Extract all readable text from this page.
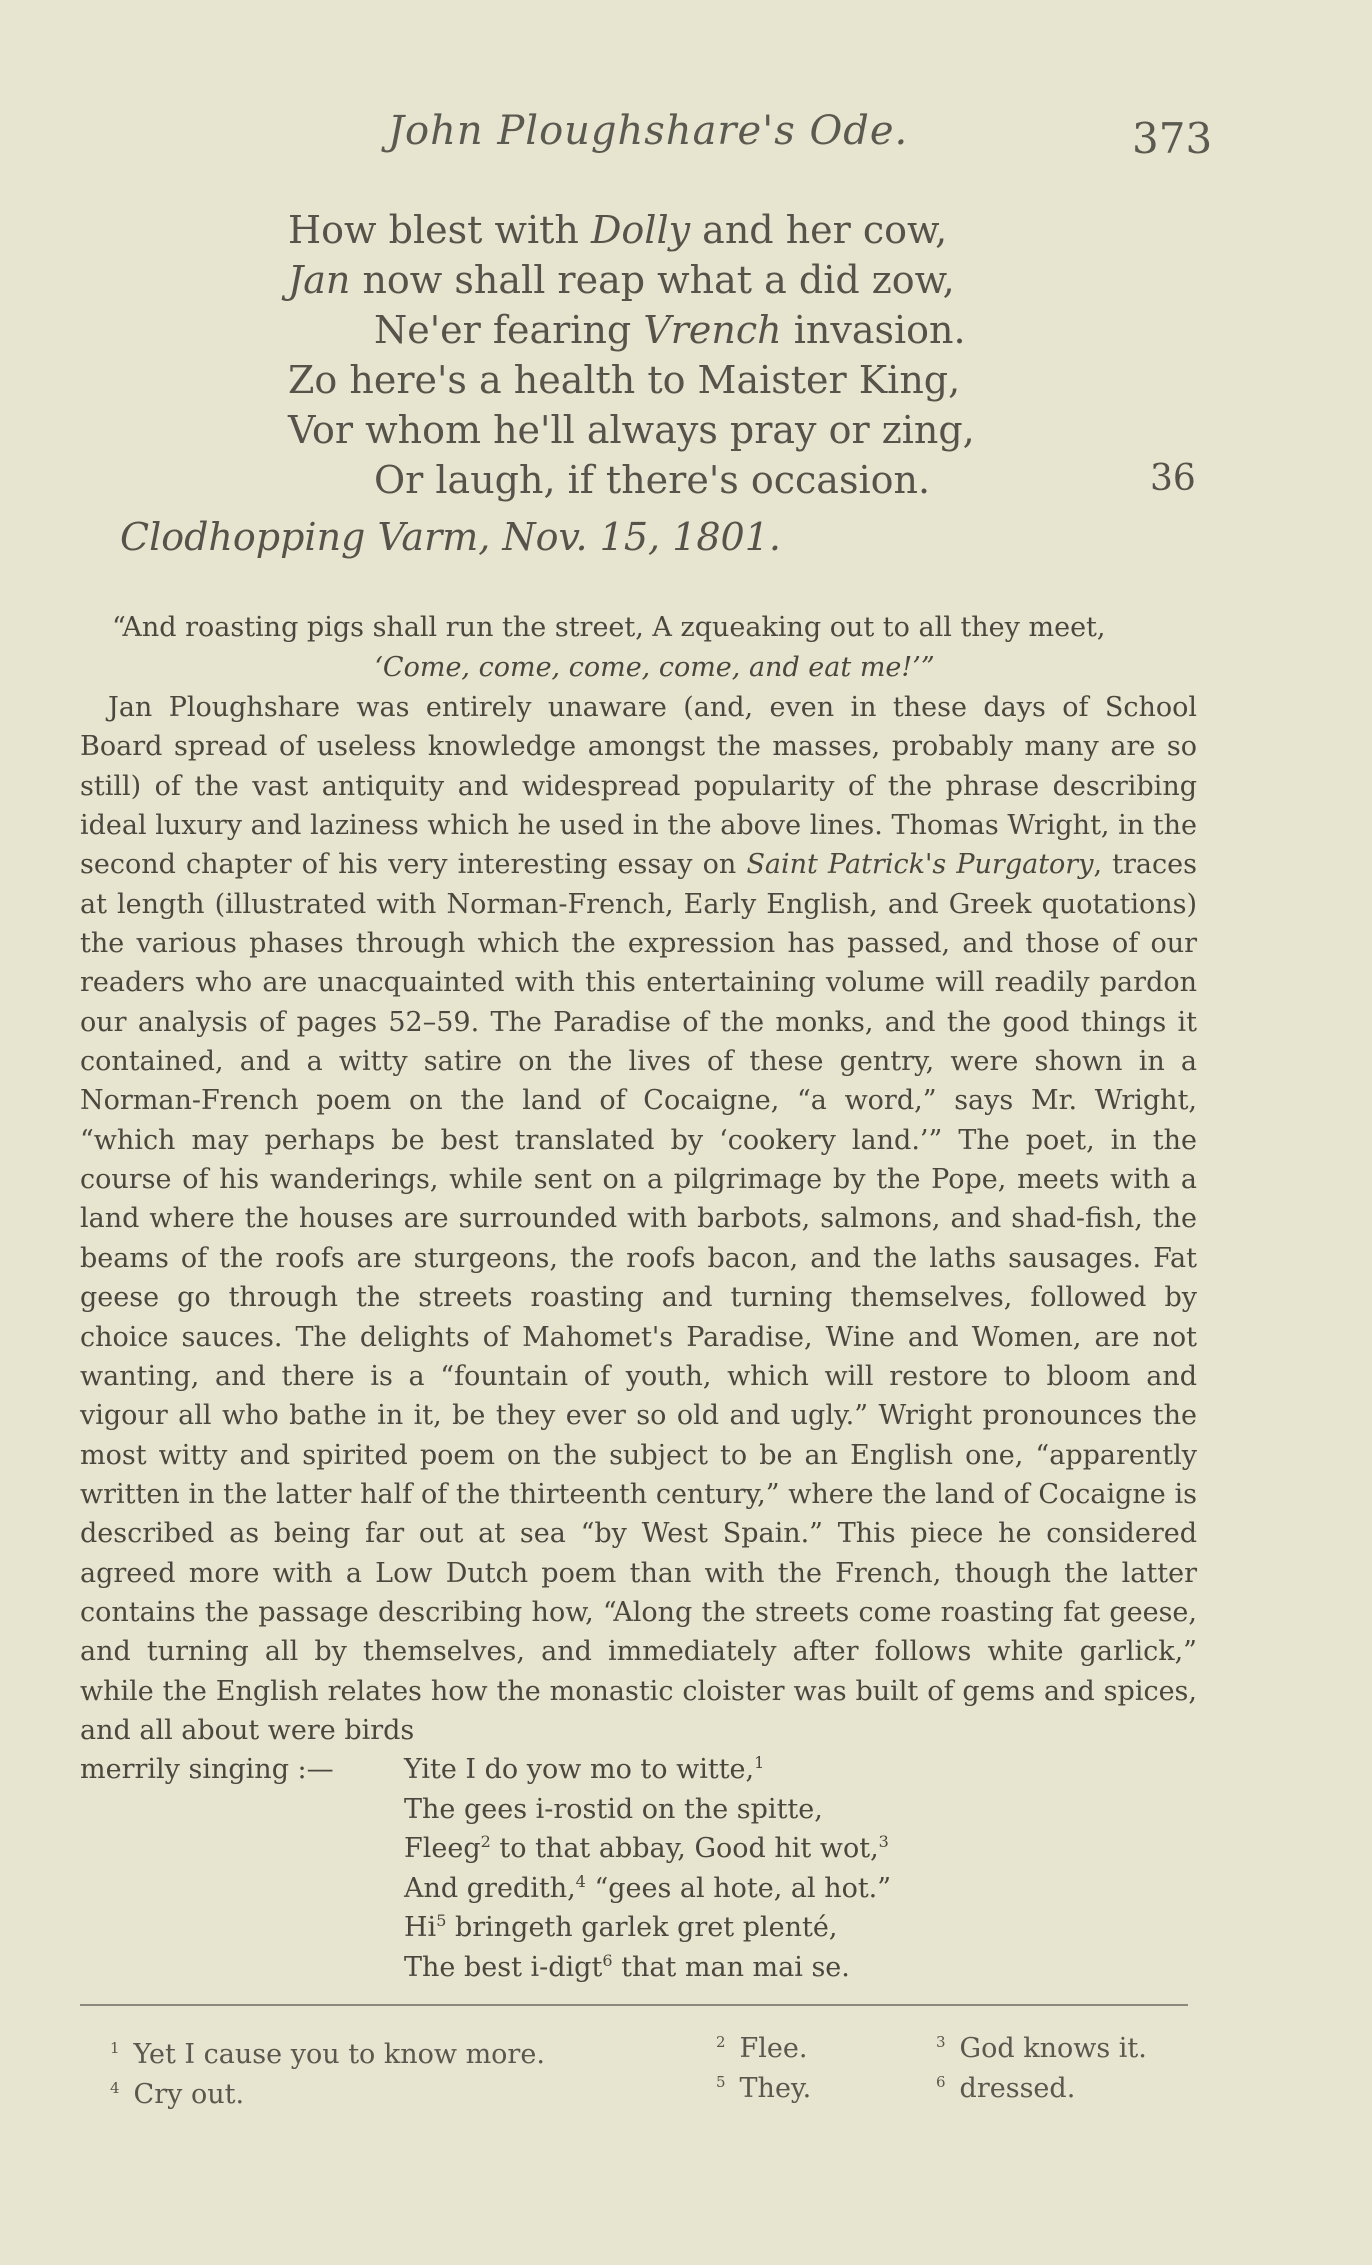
John Ploughshare's Ode.	373
How blest with Dolly and her cow,
Jan now shall reap what a did zow,
Ne'er fearing Vrench invasion.
Zo here's a health to Maister King,
Vor whom he'll always pray or zing,
Or laugh, if there's occasion.	36
Clodhopping Varm, Nov. 15, 1801.
“And roasting pigs shall run the street, A zqueaking out to all they meet,
‘Come, come, come, come, and eat me!’”
Jan Ploughshare was entirely unaware (and, even in these days of School Board spread of useless knowledge amongst the masses, probably many are so still) of the vast antiquity and widespread popularity of the phrase describing ideal luxury and laziness which he used in the above lines. Thomas Wright, in the second chapter of his very interesting essay on Saint Patrick's Purgatory, traces at length (illustrated with Norman-French, Early English, and Greek quotations) the various phases through which the expression has passed, and those of our readers who are unacquainted with this entertaining volume will readily pardon our analysis of pages 52–59. The Paradise of the monks, and the good things it contained, and a witty satire on the lives of these gentry, were shown in a Norman-French poem on the land of Cocaigne, “a word,” says Mr. Wright, “which may perhaps be best translated by ‘cookery land.’” The poet, in the course of his wanderings, while sent on a pilgrimage by the Pope, meets with a land where the houses are surrounded with barbots, salmons, and shad-fish, the beams of the roofs are sturgeons, the roofs bacon, and the laths sausages. Fat geese go through the streets roasting and turning themselves, followed by choice sauces. The delights of Mahomet's Paradise, Wine and Women, are not wanting, and there is a “fountain of youth, which will restore to bloom and vigour all who bathe in it, be they ever so old and ugly.” Wright pronounces the most witty and spirited poem on the subject to be an English one, “apparently written in the latter half of the thirteenth century,” where the land of Cocaigne is described as being far out at sea “by West Spain.” This piece he considered agreed more with a Low Dutch poem than with the French, though the latter contains the passage describing how, “Along the streets come roasting fat geese, and turning all by themselves, and immediately after follows white garlick,” while the English relates how the monastic cloister was built of gems and spices, and all about were birds
merrily singing :—	Yite I do yow mo to witte,$^1$
The gees i-rostid on the spitte,
Fleeg$^2$ to that abbay, Good hit wot,$^3$
And gredith,$^4$ “gees al hote, al hot.”
Hi$^5$ bringeth garlek gret plenté,
The best i-digt$^6$ that man mai se.
$^1$ Yet I cause you to know more.	$^2$ Flee.	$^3$ God knows it.
$^4$ Cry out.	$^5$ They.	$^6$ dressed.
